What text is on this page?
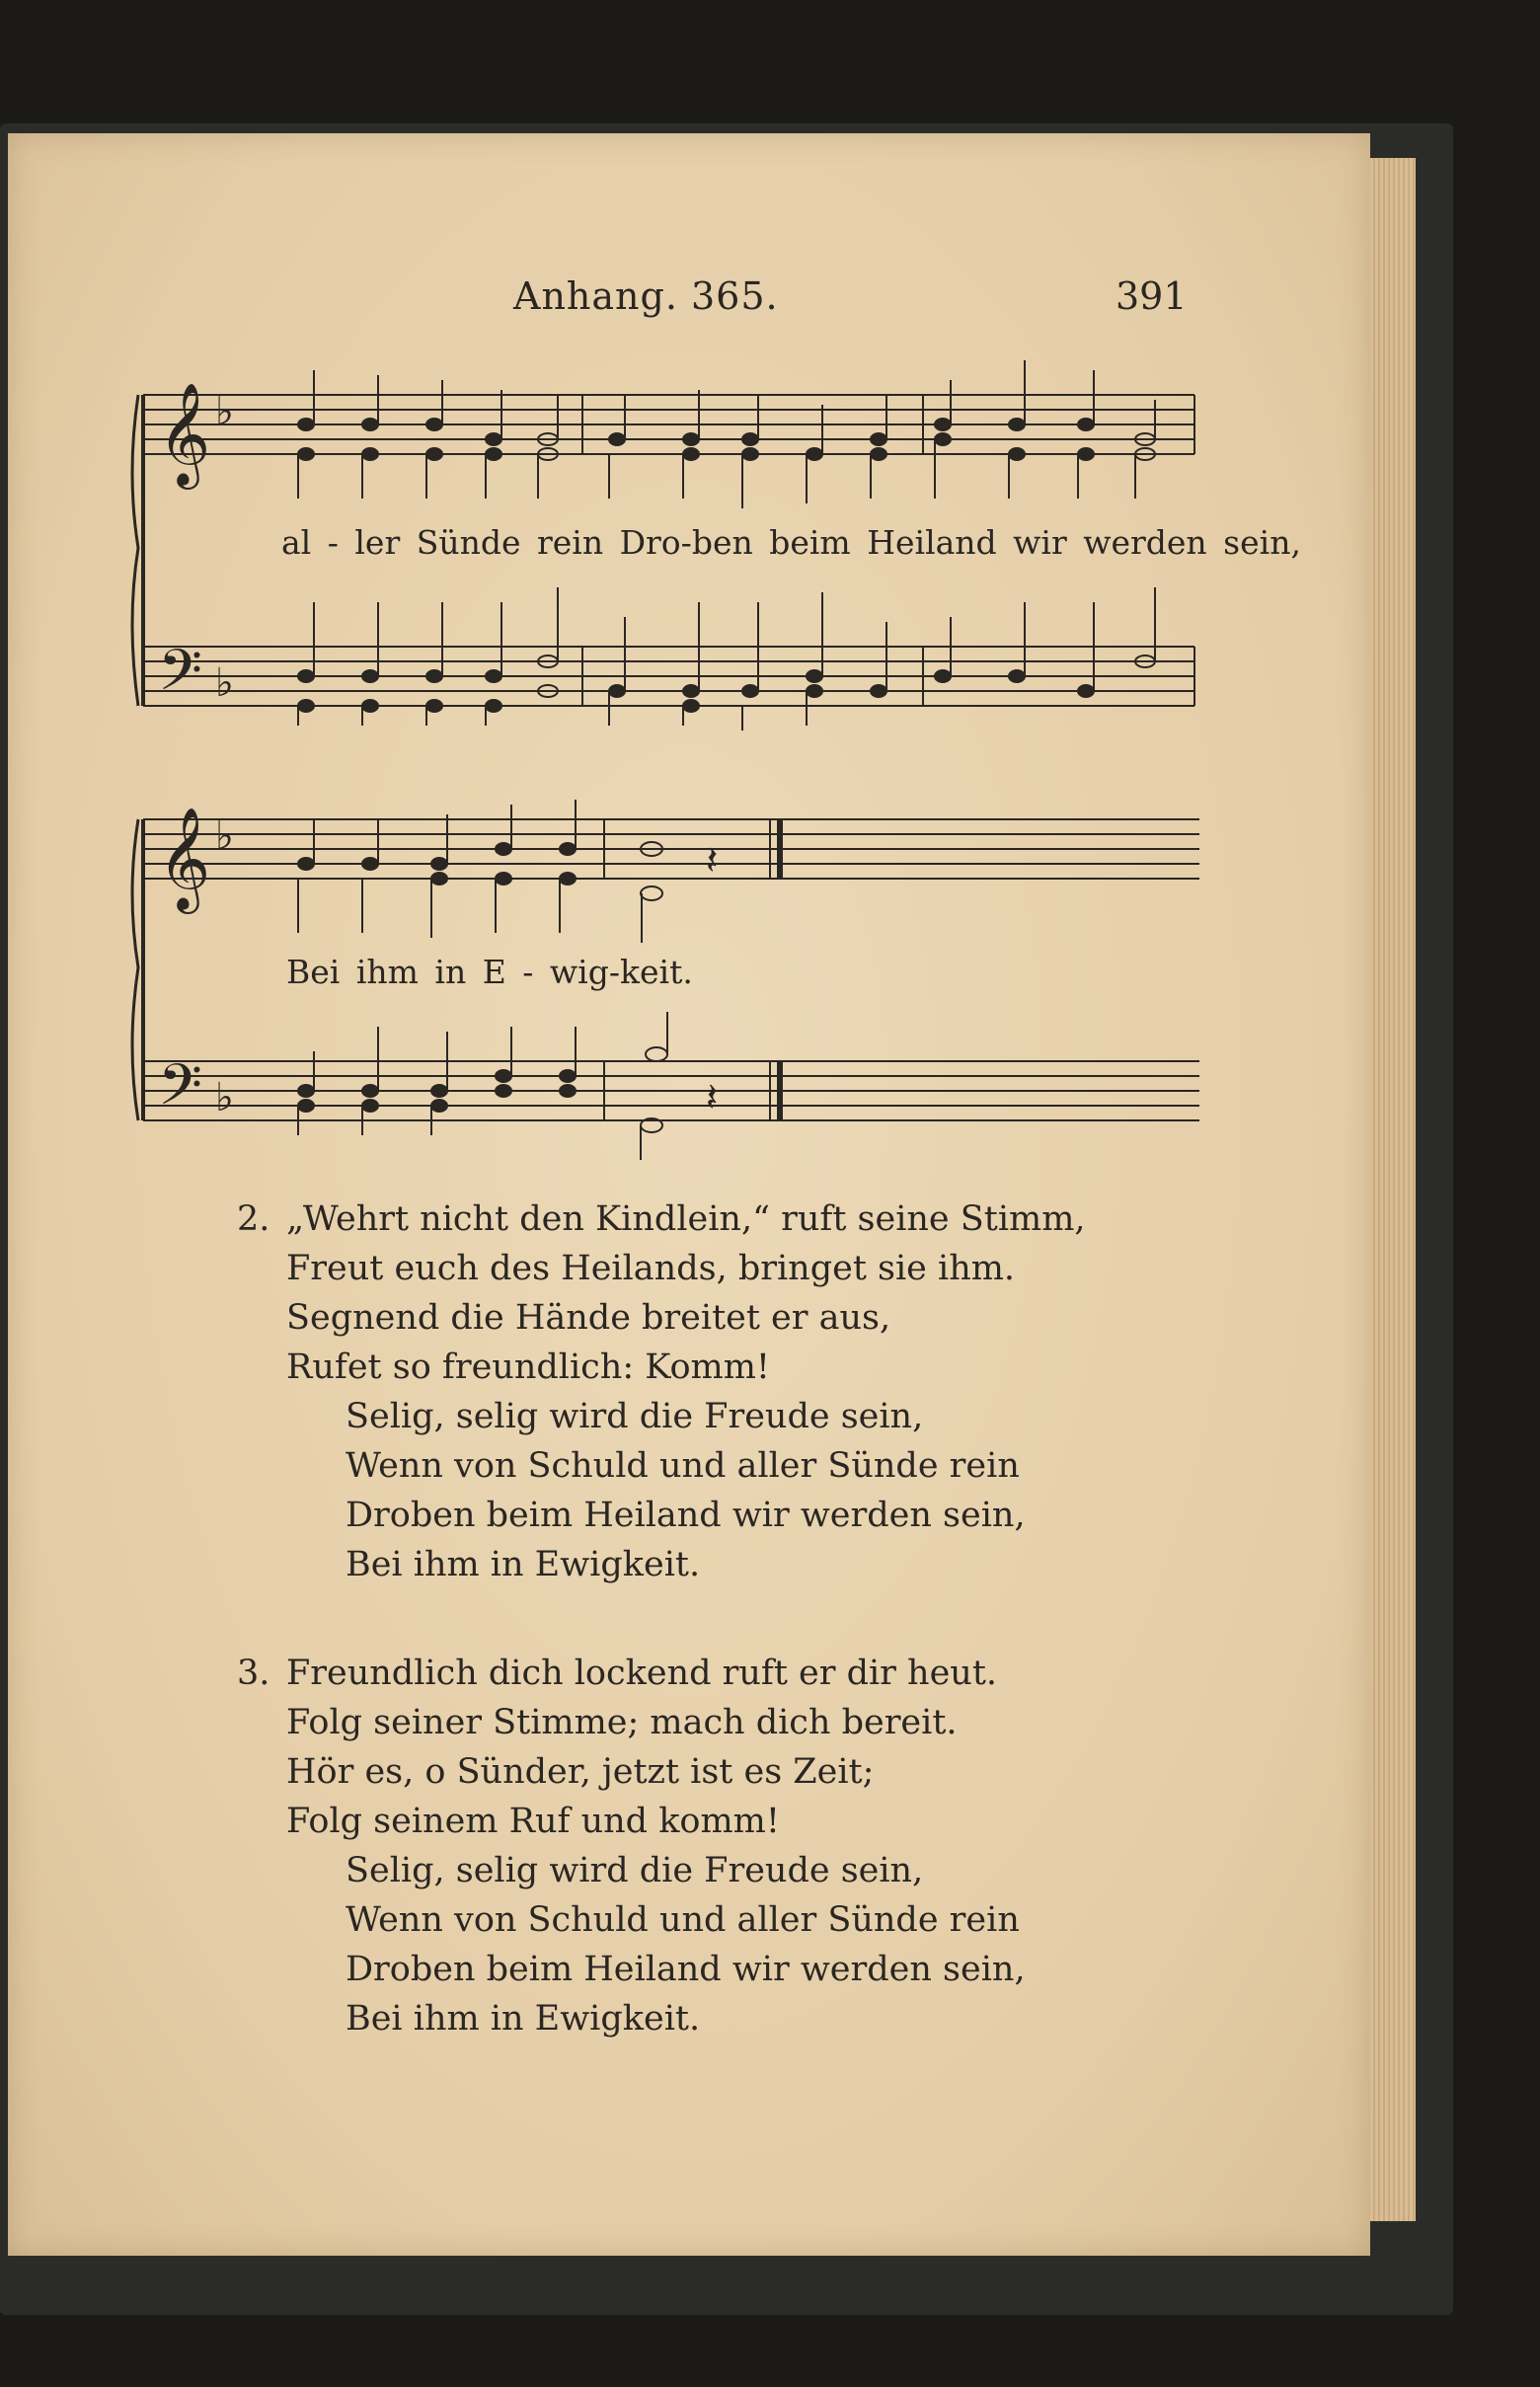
Anhang. 365.	391
𝄞 ♭
𝄢 ♭
𝄞 ♭
𝄢 ♭
𝄽
𝄽
al - ler Sünde rein Dro-ben beim Heiland wir werden sein,
Bei ihm in E - wig-keit.
2. „Wehrt nicht den Kindlein,“ ruft seine Stimm,
Freut euch des Heilands, bringet sie ihm.
Segnend die Hände breitet er aus,
Rufet so freundlich: Komm!
Selig, selig wird die Freude sein,
Wenn von Schuld und aller Sünde rein
Droben beim Heiland wir werden sein,
Bei ihm in Ewigkeit.
3. Freundlich dich lockend ruft er dir heut.
Folg seiner Stimme; mach dich bereit.
Hör es, o Sünder, jetzt ist es Zeit;
Folg seinem Ruf und komm!
Selig, selig wird die Freude sein,
Wenn von Schuld und aller Sünde rein
Droben beim Heiland wir werden sein,
Bei ihm in Ewigkeit.
